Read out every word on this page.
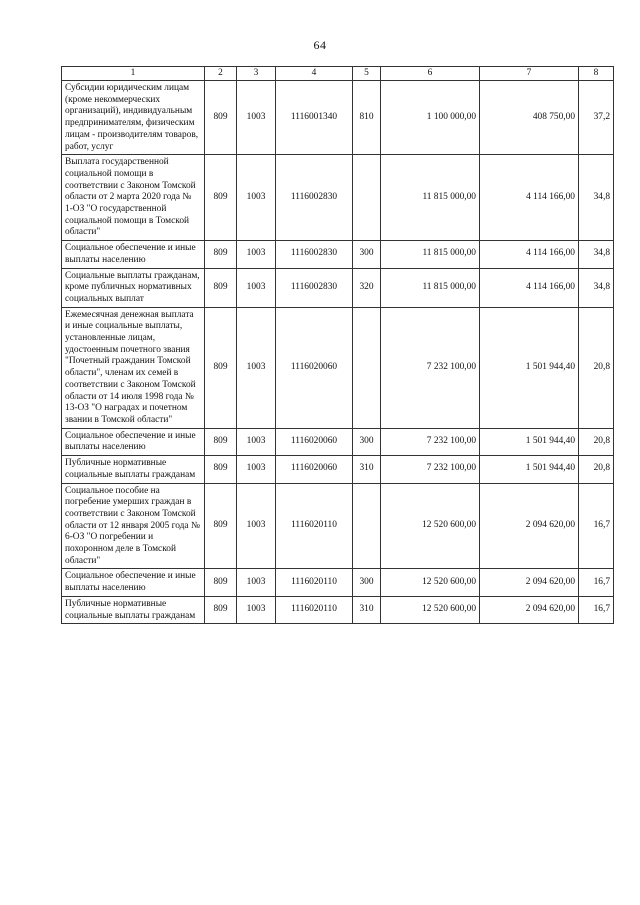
64
1	2	3	4	5	6	7	8
Субсидии юридическим лицам (кроме некоммерческих организаций), индивидуальным предпринимателям, физическим лицам - производителям товаров, работ, услуг	809	1003	1116001340	810	1 100 000,00	408 750,00	37,2
Выплата государственной социальной помощи в соответствии с Законом Томской области от 2 марта 2020 года № 1-ОЗ "О государственной социальной помощи в Томской области"	809	1003	1116002830		11 815 000,00	4 114 166,00	34,8
Социальное обеспечение и иные выплаты населению	809	1003	1116002830	300	11 815 000,00	4 114 166,00	34,8
Социальные выплаты гражданам, кроме публичных нормативных социальных выплат	809	1003	1116002830	320	11 815 000,00	4 114 166,00	34,8
Ежемесячная денежная выплата и иные социальные выплаты, установленные лицам, удостоенным почетного звания "Почетный гражданин Томской области", членам их семей в соответствии с Законом Томской области от 14 июля 1998 года № 13-ОЗ "О наградах и почетном звании в Томской области"	809	1003	1116020060		7 232 100,00	1 501 944,40	20,8
Социальное обеспечение и иные выплаты населению	809	1003	1116020060	300	7 232 100,00	1 501 944,40	20,8
Публичные нормативные социальные выплаты гражданам	809	1003	1116020060	310	7 232 100,00	1 501 944,40	20,8
Социальное пособие на погребение умерших граждан в соответствии с Законом Томской области от 12 января 2005 года № 6-ОЗ "О погребении и похоронном деле в Томской области"	809	1003	1116020110		12 520 600,00	2 094 620,00	16,7
Социальное обеспечение и иные выплаты населению	809	1003	1116020110	300	12 520 600,00	2 094 620,00	16,7
Публичные нормативные социальные выплаты гражданам	809	1003	1116020110	310	12 520 600,00	2 094 620,00	16,7
